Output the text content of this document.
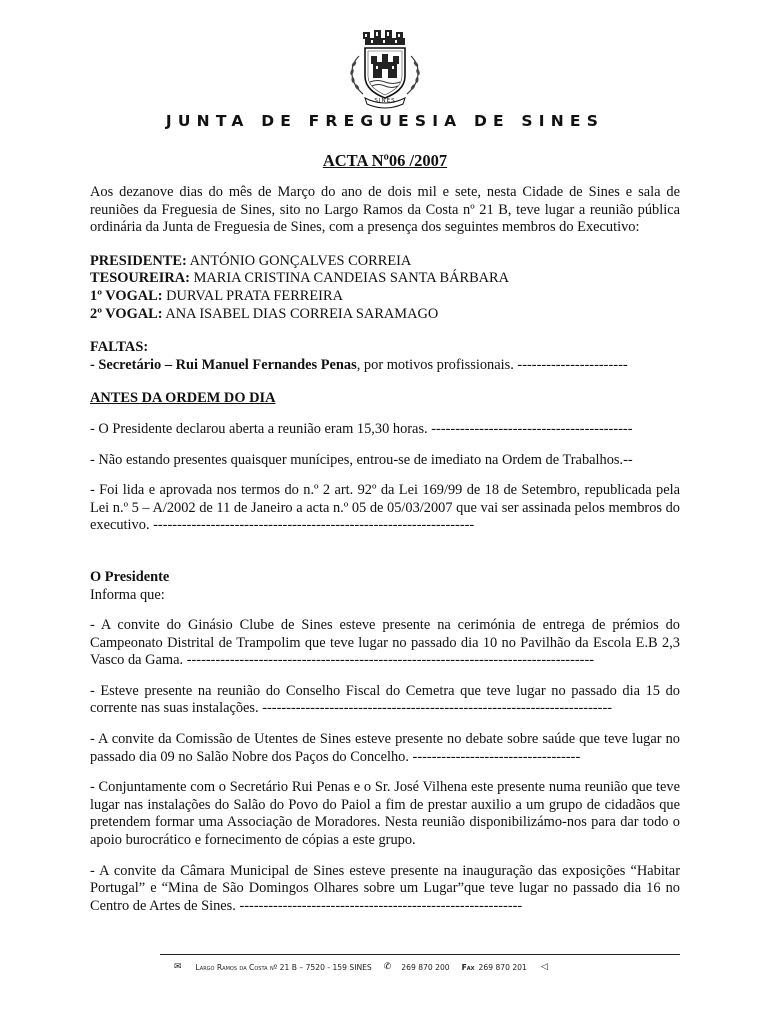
SINES
JUNTA DE FREGUESIA DE SINES
ACTA Nº06 /2007

Aos dezanove dias do mês de Março do ano de dois mil e sete, nesta Cidade de Sines e sala de reuniões da Freguesia de Sines, sito no Largo Ramos da Costa nº 21 B, teve lugar a reunião pública ordinária da Junta de Freguesia de Sines, com a presença dos seguintes membros do Executivo:

PRESIDENTE: ANTÓNIO GONÇALVES CORREIA

TESOUREIRA: MARIA CRISTINA CANDEIAS SANTA BÁRBARA

1º VOGAL: DURVAL PRATA FERREIRA

2º VOGAL: ANA ISABEL DIAS CORREIA SARAMAGO

FALTAS:

- Secretário – Rui Manuel Fernandes Penas, por motivos profissionais. -----------------------

ANTES DA ORDEM DO DIA

- O Presidente declarou aberta a reunião eram 15,30 horas. ------------------------------------------

- Não estando presentes quaisquer munícipes, entrou-se de imediato na Ordem de Trabalhos.--

- Foi lida e aprovada nos termos do n.º 2 art. 92º da Lei 169/99 de 18 de Setembro, republicada pela Lei n.º 5 – A/2002 de 11 de Janeiro a acta n.º 05 de 05/03/2007 que vai ser assinada pelos membros do executivo. -------------------------------------------------------------------

O Presidente

Informa que:

- A convite do Ginásio Clube de Sines esteve presente na cerimónia de entrega de prémios do Campeonato Distrital de Trampolim que teve lugar no passado dia 10 no Pavilhão da Escola E.B 2,3 Vasco da Gama. -------------------------------------------------------------------------------------

- Esteve presente na reunião do Conselho Fiscal do Cemetra que teve lugar no passado dia 15 do corrente nas suas instalações. -------------------------------------------------------------------------

- A convite da Comissão de Utentes de Sines esteve presente no debate sobre saúde que teve lugar no passado dia 09 no Salão Nobre dos Paços do Concelho. -----------------------------------

- Conjuntamente com o Secretário Rui Penas e o Sr. José Vilhena este presente numa reunião que teve lugar nas instalações do Salão do Povo do Paiol a fim de prestar auxilio a um grupo de cidadãos que pretendem formar uma Associação de Moradores. Nesta reunião disponibilizámo-nos para dar todo o apoio burocrático e fornecimento de cópias a este grupo.

- A convite da Câmara Municipal de Sines esteve presente na inauguração das exposições “Habitar Portugal” e “Mina de São Domingos Olhares sobre um Lugar”que teve lugar no passado dia 16 no Centro de Artes de Sines. -----------------------------------------------------------

✉ Largo Ramos da Costa nº 21 B – 7520 - 159 SINES ✆ 269 870 200 Fax 269 870 201 ◁
